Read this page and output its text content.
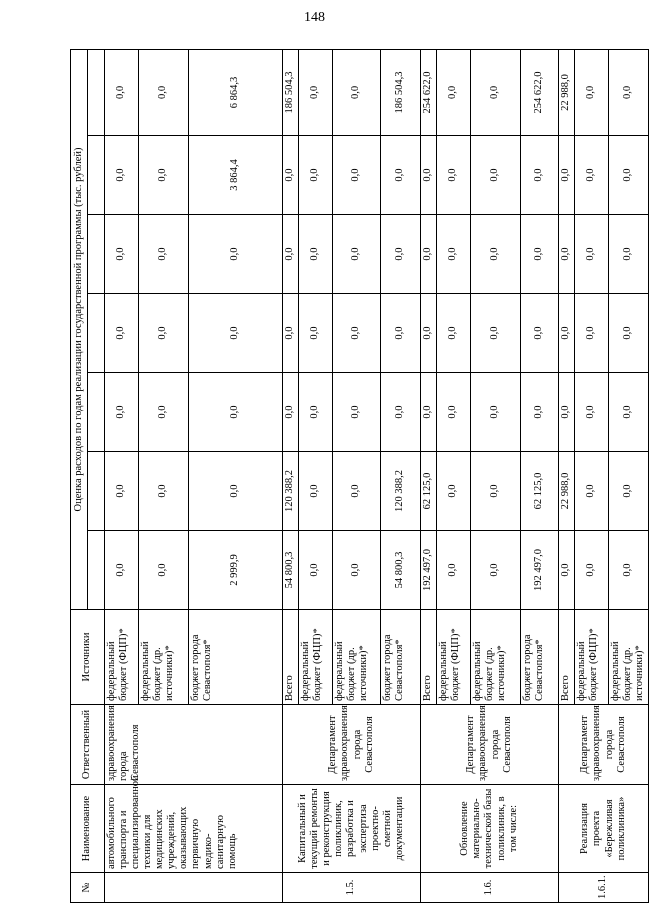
148
№	Наименование	Ответственный	Источники	Оценка расходов по годам реализации государственной программы (тыс. рублей)						

	автомобильного транспорта и специализированной техники для медицинских учреждений, оказывающих первичную медико-санитарную помощь	здравоохранения города Севастополя	федеральный бюджет (ФЦП)*	0,0	0,0	0,0	0,0	0,0	0,0	0,0
			федеральный бюджет (др. источники)*	0,0	0,0	0,0	0,0	0,0	0,0	0,0
			бюджет города Севастополя*	2 999,9	0,0	0,0	0,0	0,0	3 864,4	6 864,3
1.5.	Капитальный и текущий ремонты и реконструкция поликлиник, разработка и экспертиза проектно-сметной документации	Департамент здравоохранения города Севастополя	Всего	54 800,3	120 388,2	0,0	0,0	0,0	0,0	186 504,3
			федеральный бюджет (ФЦП)*	0,0	0,0	0,0	0,0	0,0	0,0	0,0
			федеральный бюджет (др. источники)*	0,0	0,0	0,0	0,0	0,0	0,0	0,0
			бюджет города Севастополя*	54 800,3	120 388,2	0,0	0,0	0,0	0,0	186 504,3
1.6.	Обновление материально-технической базы поликлиник, в том числе:	Департамент здравоохранения города Севастополя	Всего	192 497,0	62 125,0	0,0	0,0	0,0	0,0	254 622,0
			федеральный бюджет (ФЦП)*	0,0	0,0	0,0	0,0	0,0	0,0	0,0
			федеральный бюджет (др. источники)*	0,0	0,0	0,0	0,0	0,0	0,0	0,0
			бюджет города Севастополя*	192 497,0	62 125,0	0,0	0,0	0,0	0,0	254 622,0
1.6.1.	Реализация проекта «Бережливая поликлиника»	Департамент здравоохранения города Севастополя	Всего	0,0	22 988,0	0,0	0,0	0,0	0,0	22 988,0
			федеральный бюджет (ФЦП)*	0,0	0,0	0,0	0,0	0,0	0,0	0,0
			федеральный бюджет (др. источники)*	0,0	0,0	0,0	0,0	0,0	0,0	0,0
